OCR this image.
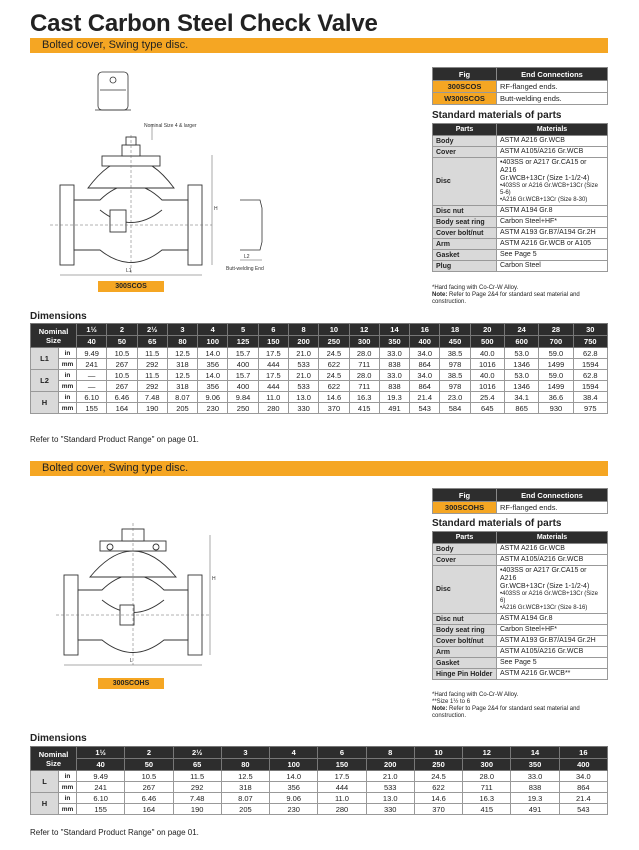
Cast Carbon Steel Check Valve
Bolted cover, Swing type disc.
Nominal Size 4 & larger
H
L1
L2
Butt-welding End
300SCOS
Fig	End Connections
300SCOS	RF-flanged ends.
W300SCOS	Butt-welding ends.
Standard materials of parts
Parts	Materials
Body	ASTM A216 Gr.WCB

Cover	ASTM A105/A216 Gr.WCB

Disc	•403SS or A217 Gr.CA15 or A216
Gr.WCB+13Cr (Size 1-1/2-4)
•403SS or A216 Gr.WCB+13Cr (Size 5-6)
•A216 Gr.WCB+13Cr (Size 8-30)

Disc nut	ASTM A194 Gr.8

Body seat ring	Carbon Steel+HF*

Cover bolt/nut	ASTM A193 Gr.B7/A194 Gr.2H

Arm	ASTM A216 Gr.WCB or A105

Gasket	See Page 5

Plug	Carbon Steel
*Hard facing with Co-Cr-W Alloy.
Note: Refer to Page 2&4 for standard seat material and construction.
Dimensions
Nominal Size		1½	2	2½	3	4	5	6	8	10	12	14	16	18	20	24	28	30
		40	50	65	80	100	125	150	200	250	300	350	400	450	500	600	700	750
L1	in	9.49	10.5	11.5	12.5	14.0	15.7	17.5	21.0	24.5	28.0	33.0	34.0	38.5	40.0	53.0	59.0	62.8
	mm	241	267	292	318	356	400	444	533	622	711	838	864	978	1016	1346	1499	1594
L2	in	—	10.5	11.5	12.5	14.0	15.7	17.5	21.0	24.5	28.0	33.0	34.0	38.5	40.0	53.0	59.0	62.8
	mm	—	267	292	318	356	400	444	533	622	711	838	864	978	1016	1346	1499	1594
H	in	6.10	6.46	7.48	8.07	9.06	9.84	11.0	13.0	14.6	16.3	19.3	21.4	23.0	25.4	34.1	36.6	38.4
	mm	155	164	190	205	230	250	280	330	370	415	491	543	584	645	865	930	975
Refer to "Standard Product Range" on page 01.
Bolted cover, Swing type disc.
H
L
300SCOHS
Fig	End Connections
300SCOHS	RF-flanged ends.
Standard materials of parts
Parts	Materials
Body	ASTM A216 Gr.WCB

Cover	ASTM A105/A216 Gr.WCB

Disc	•403SS or A217 Gr.CA15 or A216
Gr.WCB+13Cr (Size 1-1/2-4)
•403SS or A216 Gr.WCB+13Cr (Size 6)
•A216 Gr.WCB+13Cr (Size 8-16)

Disc nut	ASTM A194 Gr.8

Body seat ring	Carbon Steel+HF*

Cover bolt/nut	ASTM A193 Gr.B7/A194 Gr.2H

Arm	ASTM A105/A216 Gr.WCB

Gasket	See Page 5

Hinge Pin Holder	ASTM A216 Gr.WCB**
*Hard facing with Co-Cr-W Alloy.
**Size 1½ to 6
Note: Refer to Page 2&4 for standard seat material and construction.
Dimensions
Nominal Size		1½	2	2½	3	4	6	8	10	12	14	16
		40	50	65	80	100	150	200	250	300	350	400
L	in	9.49	10.5	11.5	12.5	14.0	17.5	21.0	24.5	28.0	33.0	34.0
	mm	241	267	292	318	356	444	533	622	711	838	864
H	in	6.10	6.46	7.48	8.07	9.06	11.0	13.0	14.6	16.3	19.3	21.4
	mm	155	164	190	205	230	280	330	370	415	491	543
Refer to "Standard Product Range" on page 01.
